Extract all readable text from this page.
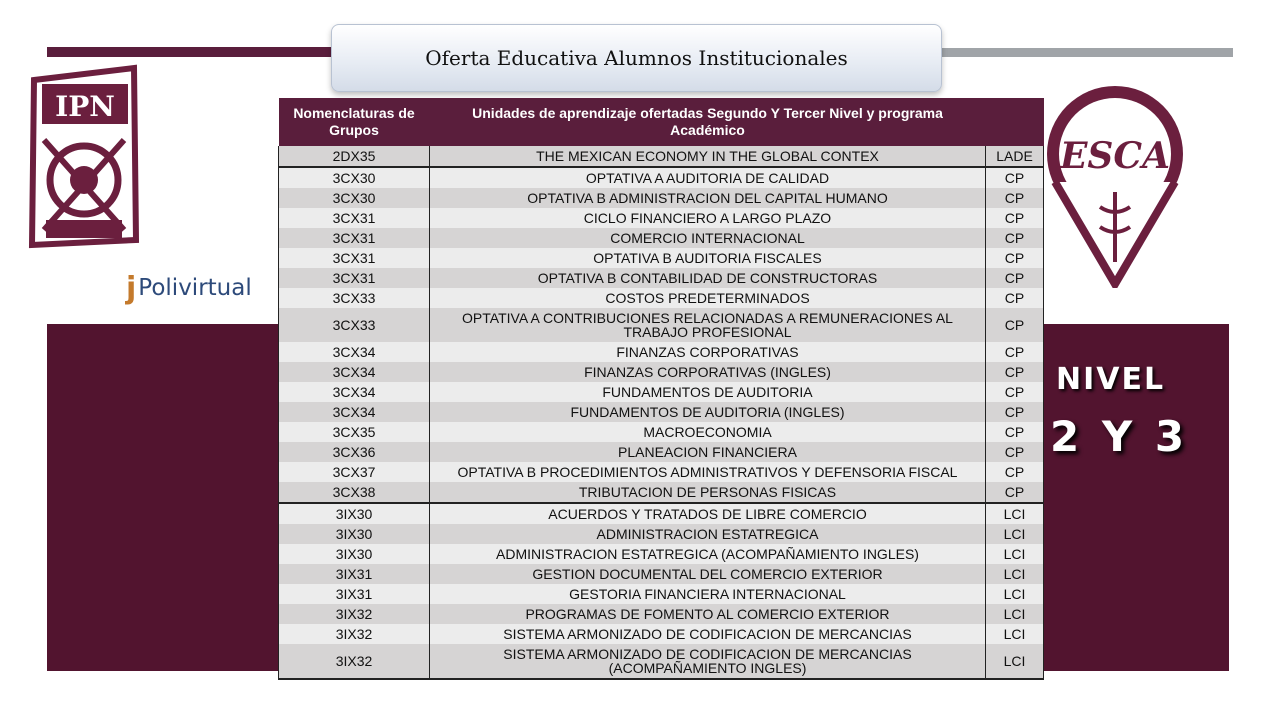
Oferta Educativa Alumnos Institucionales
IPN
j Polivirtual
ESCA
NIVEL
2 Y 3
Nomenclaturas de Grupos	Unidades de aprendizaje ofertadas Segundo Y Tercer Nivel y programa Académico	
2DX35	THE MEXICAN ECONOMY IN THE GLOBAL CONTEX	LADE
3CX30	OPTATIVA A AUDITORIA DE CALIDAD	CP
3CX30	OPTATIVA B ADMINISTRACION DEL CAPITAL HUMANO	CP
3CX31	CICLO FINANCIERO A LARGO PLAZO	CP
3CX31	COMERCIO INTERNACIONAL	CP
3CX31	OPTATIVA B AUDITORIA FISCALES	CP
3CX31	OPTATIVA B CONTABILIDAD DE CONSTRUCTORAS	CP
3CX33	COSTOS PREDETERMINADOS	CP
3CX33	OPTATIVA A CONTRIBUCIONES RELACIONADAS A REMUNERACIONES AL TRABAJO PROFESIONAL	CP
3CX34	FINANZAS CORPORATIVAS	CP
3CX34	FINANZAS CORPORATIVAS (INGLES)	CP
3CX34	FUNDAMENTOS DE AUDITORIA	CP
3CX34	FUNDAMENTOS DE AUDITORIA (INGLES)	CP
3CX35	MACROECONOMIA	CP
3CX36	PLANEACION FINANCIERA	CP
3CX37	OPTATIVA B PROCEDIMIENTOS ADMINISTRATIVOS Y DEFENSORIA FISCAL	CP
3CX38	TRIBUTACION DE PERSONAS FISICAS	CP
3IX30	ACUERDOS Y TRATADOS DE LIBRE COMERCIO	LCI
3IX30	ADMINISTRACION ESTATREGICA	LCI
3IX30	ADMINISTRACION ESTATREGICA (ACOMPAÑAMIENTO INGLES)	LCI
3IX31	GESTION DOCUMENTAL DEL COMERCIO EXTERIOR	LCI
3IX31	GESTORIA FINANCIERA INTERNACIONAL	LCI
3IX32	PROGRAMAS DE FOMENTO AL COMERCIO EXTERIOR	LCI
3IX32	SISTEMA ARMONIZADO DE CODIFICACION DE MERCANCIAS	LCI
3IX32	SISTEMA ARMONIZADO DE CODIFICACION DE MERCANCIAS (ACOMPAÑAMIENTO INGLES)	LCI
